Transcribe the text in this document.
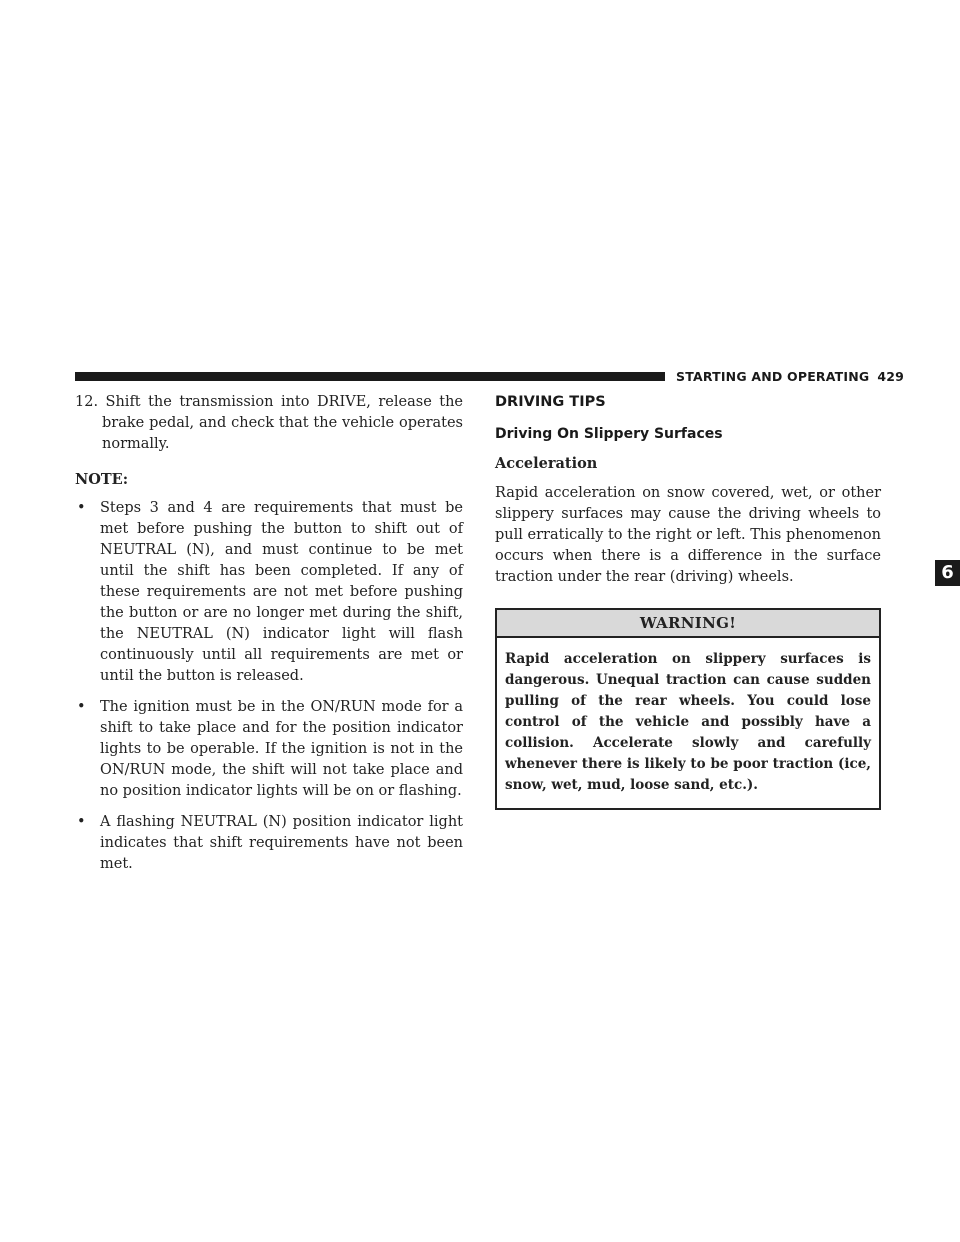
STARTING AND OPERATING 429
6

12. Shift the transmission into DRIVE, release the brake pedal, and check that the vehicle operates normally.

NOTE:
• Steps 3 and 4 are requirements that must be met before pushing the button to shift out of NEUTRAL (N), and must continue to be met until the shift has been completed. If any of these requirements are not met before pushing the button or are no longer met during the shift, the NEUTRAL (N) indicator light will flash continuously until all requirements are met or until the button is released.
• The ignition must be in the ON/RUN mode for a shift to take place and for the position indicator lights to be operable. If the ignition is not in the ON/RUN mode, the shift will not take place and no position indicator lights will be on or flashing.
• A flashing NEUTRAL (N) position indicator light indicates that shift requirements have not been met.
DRIVING TIPS
Driving On Slippery Surfaces
Acceleration

Rapid acceleration on snow covered, wet, or other slippery surfaces may cause the driving wheels to pull erratically to the right or left. This phenomenon occurs when there is a difference in the surface traction under the rear (driving) wheels.

WARNING!
Rapid acceleration on slippery surfaces is dangerous. Unequal traction can cause sudden pulling of the rear wheels. You could lose control of the vehicle and possibly have a collision. Accelerate slowly and carefully whenever there is likely to be poor traction (ice, snow, wet, mud, loose sand, etc.).
